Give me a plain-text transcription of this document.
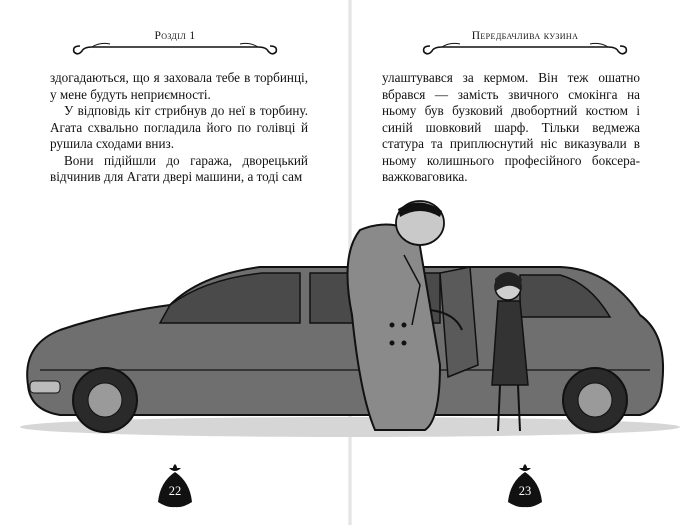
Розділ 1

здогадаються, що я заховала тебе в торбинці, у мене будуть неприємності.

У відповідь кіт стрибнув до неї в торбину. Агата схвально погладила його по голівці й рушила сходами вниз.

Вони підійшли до гаража, дворецький відчинив для Агати дверi машини, а тоді сам

22
Передбачлива кузина

улаштувався за кермом. Він теж ошатно вбрався — замість звичного смокінга на ньому був бузковий двобортний костюм і синій шовковий шарф. Тільки ведмежа статура та приплюснутий ніс виказували в ньому колишнього професійного боксера-важковаговика.

23
